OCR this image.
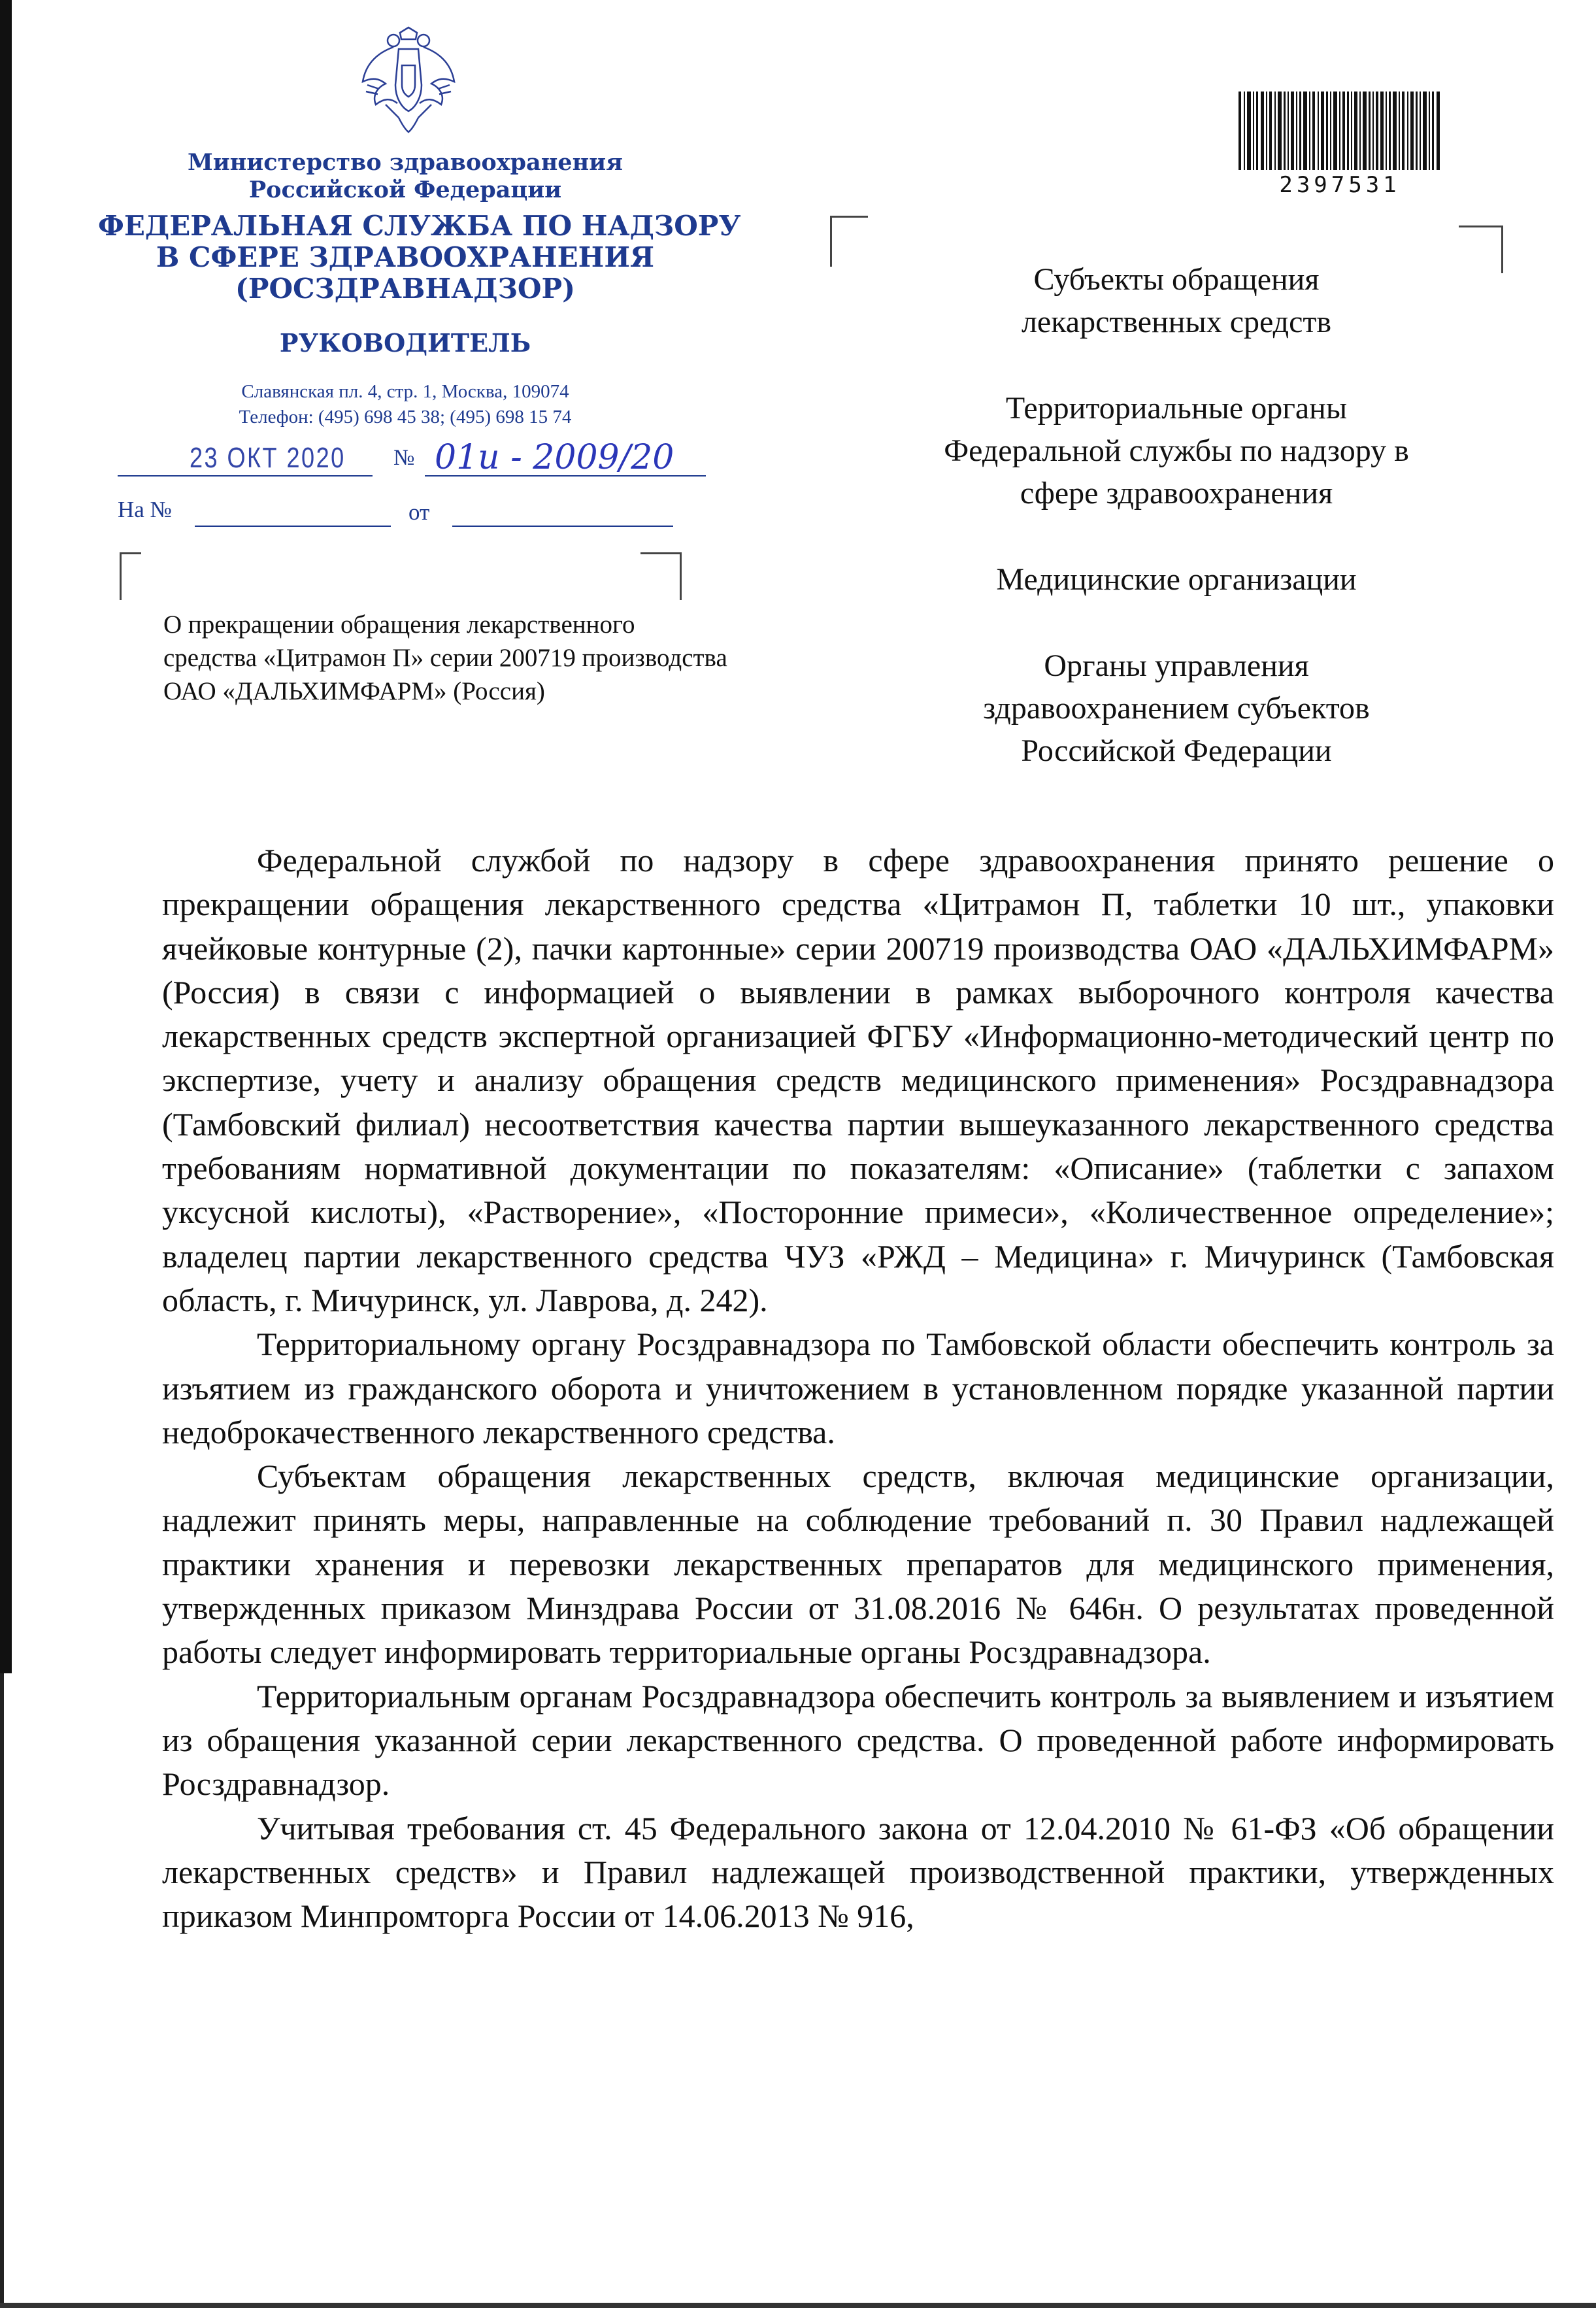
Министерство здравоохранения
Российской Федерации
ФЕДЕРАЛЬНАЯ СЛУЖБА ПО НАДЗОРУ
В СФЕРЕ ЗДРАВООХРАНЕНИЯ
(РОСЗДРАВНАДЗОР)
РУКОВОДИТЕЛЬ
Славянская пл. 4, стр. 1, Москва, 109074
Телефон: (495) 698 45 38; (495) 698 15 74
23 ОКТ 2020 № 01и - 2009/20
На №	от
О прекращении обращения лекарственного
средства «Цитрамон П» серии 200719 производства
ОАО «ДАЛЬХИМФАРМ» (Россия)
2397531
Субъекты обращения
лекарственных средств
Территориальные органы
Федеральной службы по надзору в
сфере здравоохранения
Медицинские организации
Органы управления
здравоохранением субъектов
Российской Федерации

Федеральной службой по надзору в сфере здравоохранения принято решение о прекращении обращения лекарственного средства «Цитрамон П, таблетки 10 шт., упаковки ячейковые контурные (2), пачки картонные» серии 200719 производства ОАО «ДАЛЬХИМФАРМ» (Россия) в связи с информацией о выявлении в рамках выборочного контроля качества лекарственных средств экспертной организацией ФГБУ «Информационно-методический центр по экспертизе, учету и анализу обращения средств медицинского применения» Росздравнадзора (Тамбовский филиал) несоответствия качества партии вышеуказанного лекарственного средства требованиям нормативной документации по показателям: «Описание» (таблетки с запахом уксусной кислоты), «Растворение», «Посторонние примеси», «Количественное определение»; владелец партии лекарственного средства ЧУЗ «РЖД – Медицина» г. Мичуринск (Тамбовская область, г. Мичуринск, ул. Лаврова, д. 242).

Территориальному органу Росздравнадзора по Тамбовской области обеспечить контроль за изъятием из гражданского оборота и уничтожением в установленном порядке указанной партии недоброкачественного лекарственного средства.

Субъектам обращения лекарственных средств, включая медицинские организации, надлежит принять меры, направленные на соблюдение требований п. 30 Правил надлежащей практики хранения и перевозки лекарственных препаратов для медицинского применения, утвержденных приказом Минздрава России от 31.08.2016 № 646н. О результатах проведенной работы следует информировать территориальные органы Росздравнадзора.

Территориальным органам Росздравнадзора обеспечить контроль за выявлением и изъятием из обращения указанной серии лекарственного средства. О проведенной работе информировать Росздравнадзор.

Учитывая требования ст. 45 Федерального закона от 12.04.2010 № 61-ФЗ «Об обращении лекарственных средств» и Правил надлежащей производственной практики, утвержденных приказом Минпромторга России от 14.06.2013 № 916,
